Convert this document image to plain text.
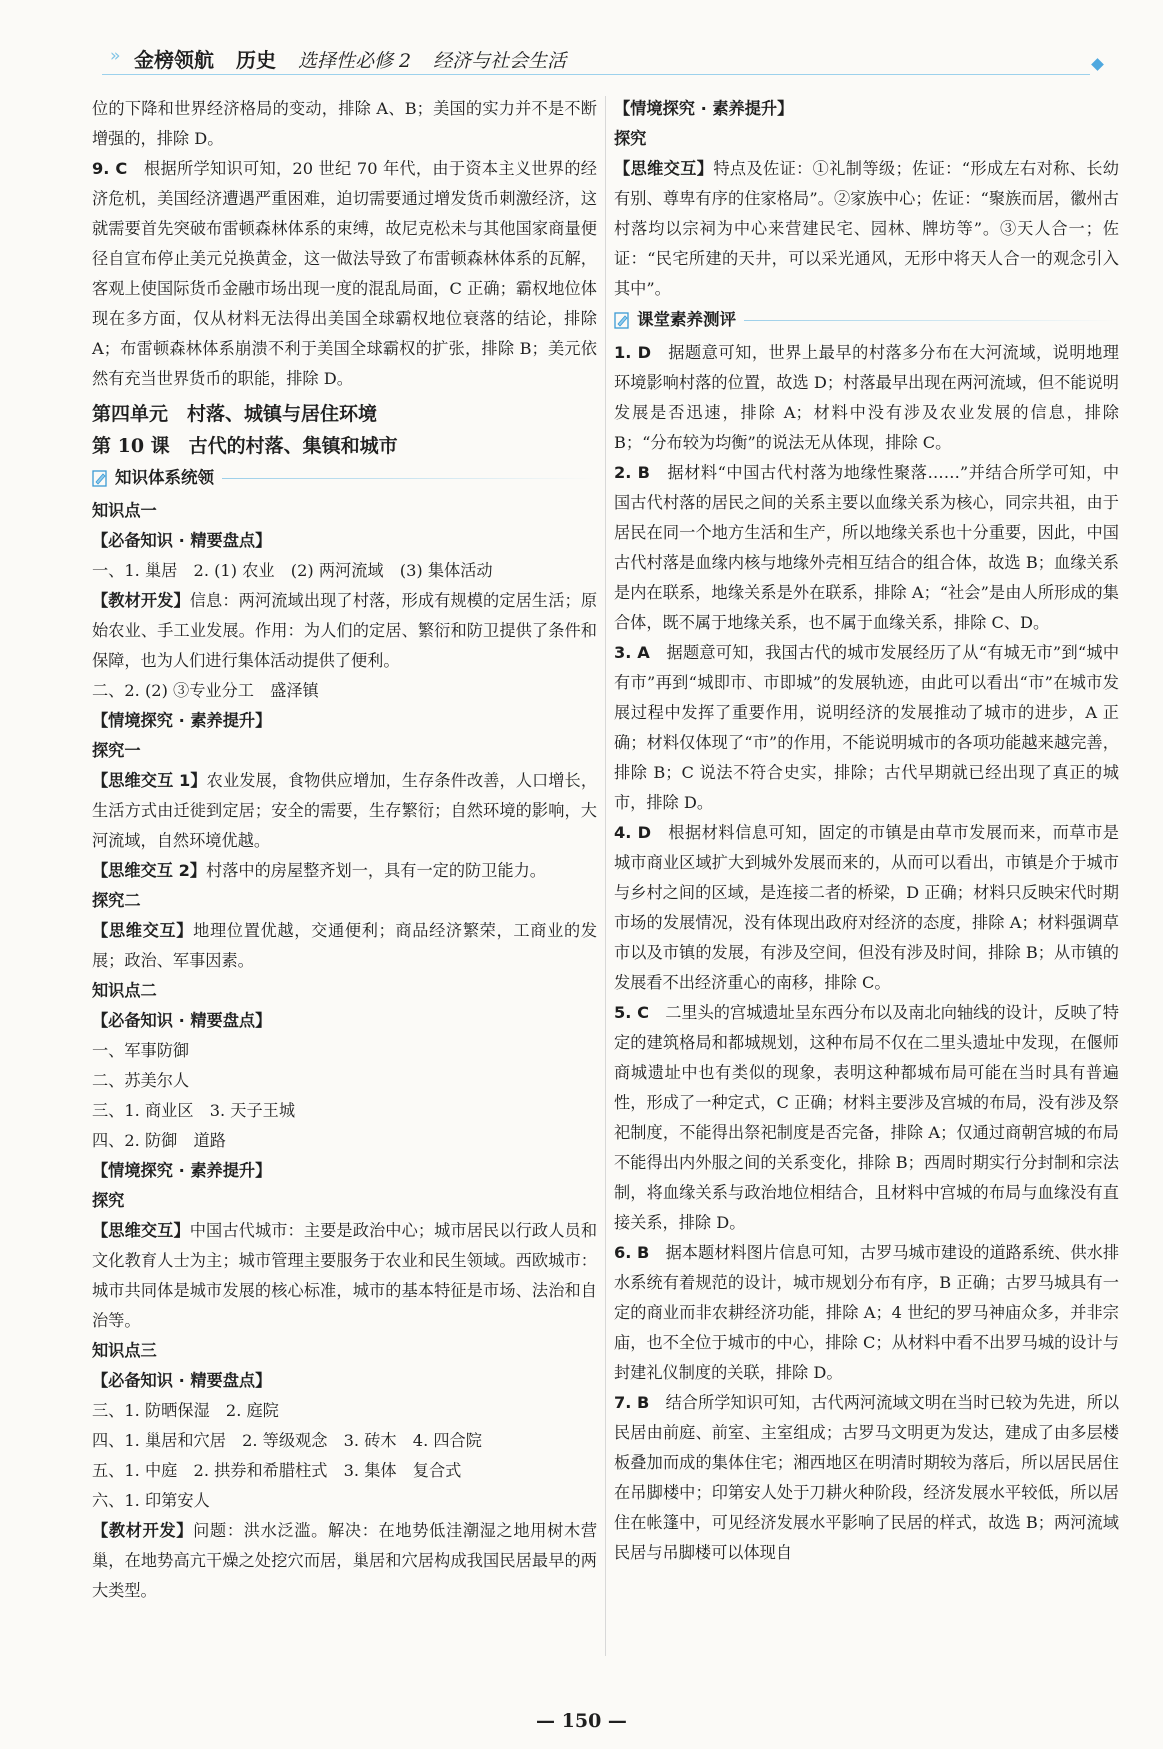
›› 金榜领航 历史 选择性必修 2 经济与社会生活

位的下降和世界经济格局的变动，排除 A、B；美国的实力并不是不断增强的，排除 D。

9. C　 根据所学知识可知，20 世纪 70 年代，由于资本主义世界的经济危机，美国经济遭遇严重困难，迫切需要通过增发货币刺激经济，这就需要首先突破布雷顿森林体系的束缚，故尼克松未与其他国家商量便径自宣布停止美元兑换黄金，这一做法导致了布雷顿森林体系的瓦解，客观上使国际货币金融市场出现一度的混乱局面，C 正确；霸权地位体现在多方面，仅从材料无法得出美国全球霸权地位衰落的结论，排除 A；布雷顿森林体系崩溃不利于美国全球霸权的扩张，排除 B；美元依然有充当世界货币的职能，排除 D。

第四单元　村落、城镇与居住环境

第 10 课　古代的村落、集镇和城市

知识体系统领

知识点一

【必备知识 · 精要盘点】

一、1. 巢居　2. (1) 农业　(2) 两河流域　(3) 集体活动

【教材开发】信息：两河流域出现了村落，形成有规模的定居生活；原始农业、手工业发展。作用：为人们的定居、繁衍和防卫提供了条件和保障，也为人们进行集体活动提供了便利。

二、2. (2) ③专业分工　盛泽镇

【情境探究 · 素养提升】

探究一

【思维交互 1】农业发展，食物供应增加，生存条件改善，人口增长，生活方式由迁徙到定居；安全的需要，生存繁衍；自然环境的影响，大河流域，自然环境优越。

【思维交互 2】村落中的房屋整齐划一，具有一定的防卫能力。

探究二

【思维交互】地理位置优越，交通便利；商品经济繁荣，工商业的发展；政治、军事因素。

知识点二

【必备知识 · 精要盘点】

一、军事防御

二、苏美尔人

三、1. 商业区　3. 天子王城

四、2. 防御　道路

【情境探究 · 素养提升】

探究

【思维交互】中国古代城市：主要是政治中心；城市居民以行政人员和文化教育人士为主；城市管理主要服务于农业和民生领域。西欧城市：城市共同体是城市发展的核心标准，城市的基本特征是市场、法治和自治等。

知识点三

【必备知识 · 精要盘点】

三、1. 防晒保湿　2. 庭院

四、1. 巢居和穴居　2. 等级观念　3. 砖木　4. 四合院

五、1. 中庭　2. 拱券和希腊柱式　3. 集体　复合式

六、1. 印第安人

【教材开发】问题：洪水泛滥。解决：在地势低洼潮湿之地用树木营巢，在地势高亢干燥之处挖穴而居，巢居和穴居构成我国民居最早的两大类型。

【情境探究 · 素养提升】

探究

【思维交互】特点及佐证：①礼制等级；佐证：“形成左右对称、长幼有别、尊卑有序的住家格局”。②家族中心；佐证：“聚族而居，徽州古村落均以宗祠为中心来营建民宅、园林、牌坊等”。③天人合一；佐证：“民宅所建的天井，可以采光通风，无形中将天人合一的观念引入其中”。

课堂素养测评

1. D　 据题意可知，世界上最早的村落多分布在大河流域，说明地理环境影响村落的位置，故选 D；村落最早出现在两河流域，但不能说明发展是否迅速，排除 A；材料中没有涉及农业发展的信息，排除 B；“分布较为均衡”的说法无从体现，排除 C。

2. B　 据材料“中国古代村落为地缘性聚落……”并结合所学可知，中国古代村落的居民之间的关系主要以血缘关系为核心，同宗共祖，由于居民在同一个地方生活和生产，所以地缘关系也十分重要，因此，中国古代村落是血缘内核与地缘外壳相互结合的组合体，故选 B；血缘关系是内在联系，地缘关系是外在联系，排除 A；“社会”是由人所形成的集合体，既不属于地缘关系，也不属于血缘关系，排除 C、D。

3. A　 据题意可知，我国古代的城市发展经历了从“有城无市”到“城中有市”再到“城即市、市即城”的发展轨迹，由此可以看出“市”在城市发展过程中发挥了重要作用，说明经济的发展推动了城市的进步，A 正确；材料仅体现了“市”的作用，不能说明城市的各项功能越来越完善，排除 B；C 说法不符合史实，排除；古代早期就已经出现了真正的城市，排除 D。

4. D　 根据材料信息可知，固定的市镇是由草市发展而来，而草市是城市商业区域扩大到城外发展而来的，从而可以看出，市镇是介于城市与乡村之间的区域，是连接二者的桥梁，D 正确；材料只反映宋代时期市场的发展情况，没有体现出政府对经济的态度，排除 A；材料强调草市以及市镇的发展，有涉及空间，但没有涉及时间，排除 B；从市镇的发展看不出经济重心的南移，排除 C。

5. C　 二里头的宫城遗址呈东西分布以及南北向轴线的设计，反映了特定的建筑格局和都城规划，这种布局不仅在二里头遗址中发现，在偃师商城遗址中也有类似的现象，表明这种都城布局可能在当时具有普遍性，形成了一种定式，C 正确；材料主要涉及宫城的布局，没有涉及祭祀制度，不能得出祭祀制度是否完备，排除 A；仅通过商朝宫城的布局不能得出内外服之间的关系变化，排除 B；西周时期实行分封制和宗法制，将血缘关系与政治地位相结合，且材料中宫城的布局与血缘没有直接关系，排除 D。

6. B　 据本题材料图片信息可知，古罗马城市建设的道路系统、供水排水系统有着规范的设计，城市规划分布有序，B 正确；古罗马城具有一定的商业而非农耕经济功能，排除 A；4 世纪的罗马神庙众多，并非宗庙，也不全位于城市的中心，排除 C；从材料中看不出罗马城的设计与封建礼仪制度的关联，排除 D。

7. B　 结合所学知识可知，古代两河流域文明在当时已较为先进，所以民居由前庭、前室、主室组成；古罗马文明更为发达，建成了由多层楼板叠加而成的集体住宅；湘西地区在明清时期较为落后，所以居民居住在吊脚楼中；印第安人处于刀耕火种阶段，经济发展水平较低，所以居住在帐篷中，可见经济发展水平影响了民居的样式，故选 B；两河流域民居与吊脚楼可以体现自

— 150 —
